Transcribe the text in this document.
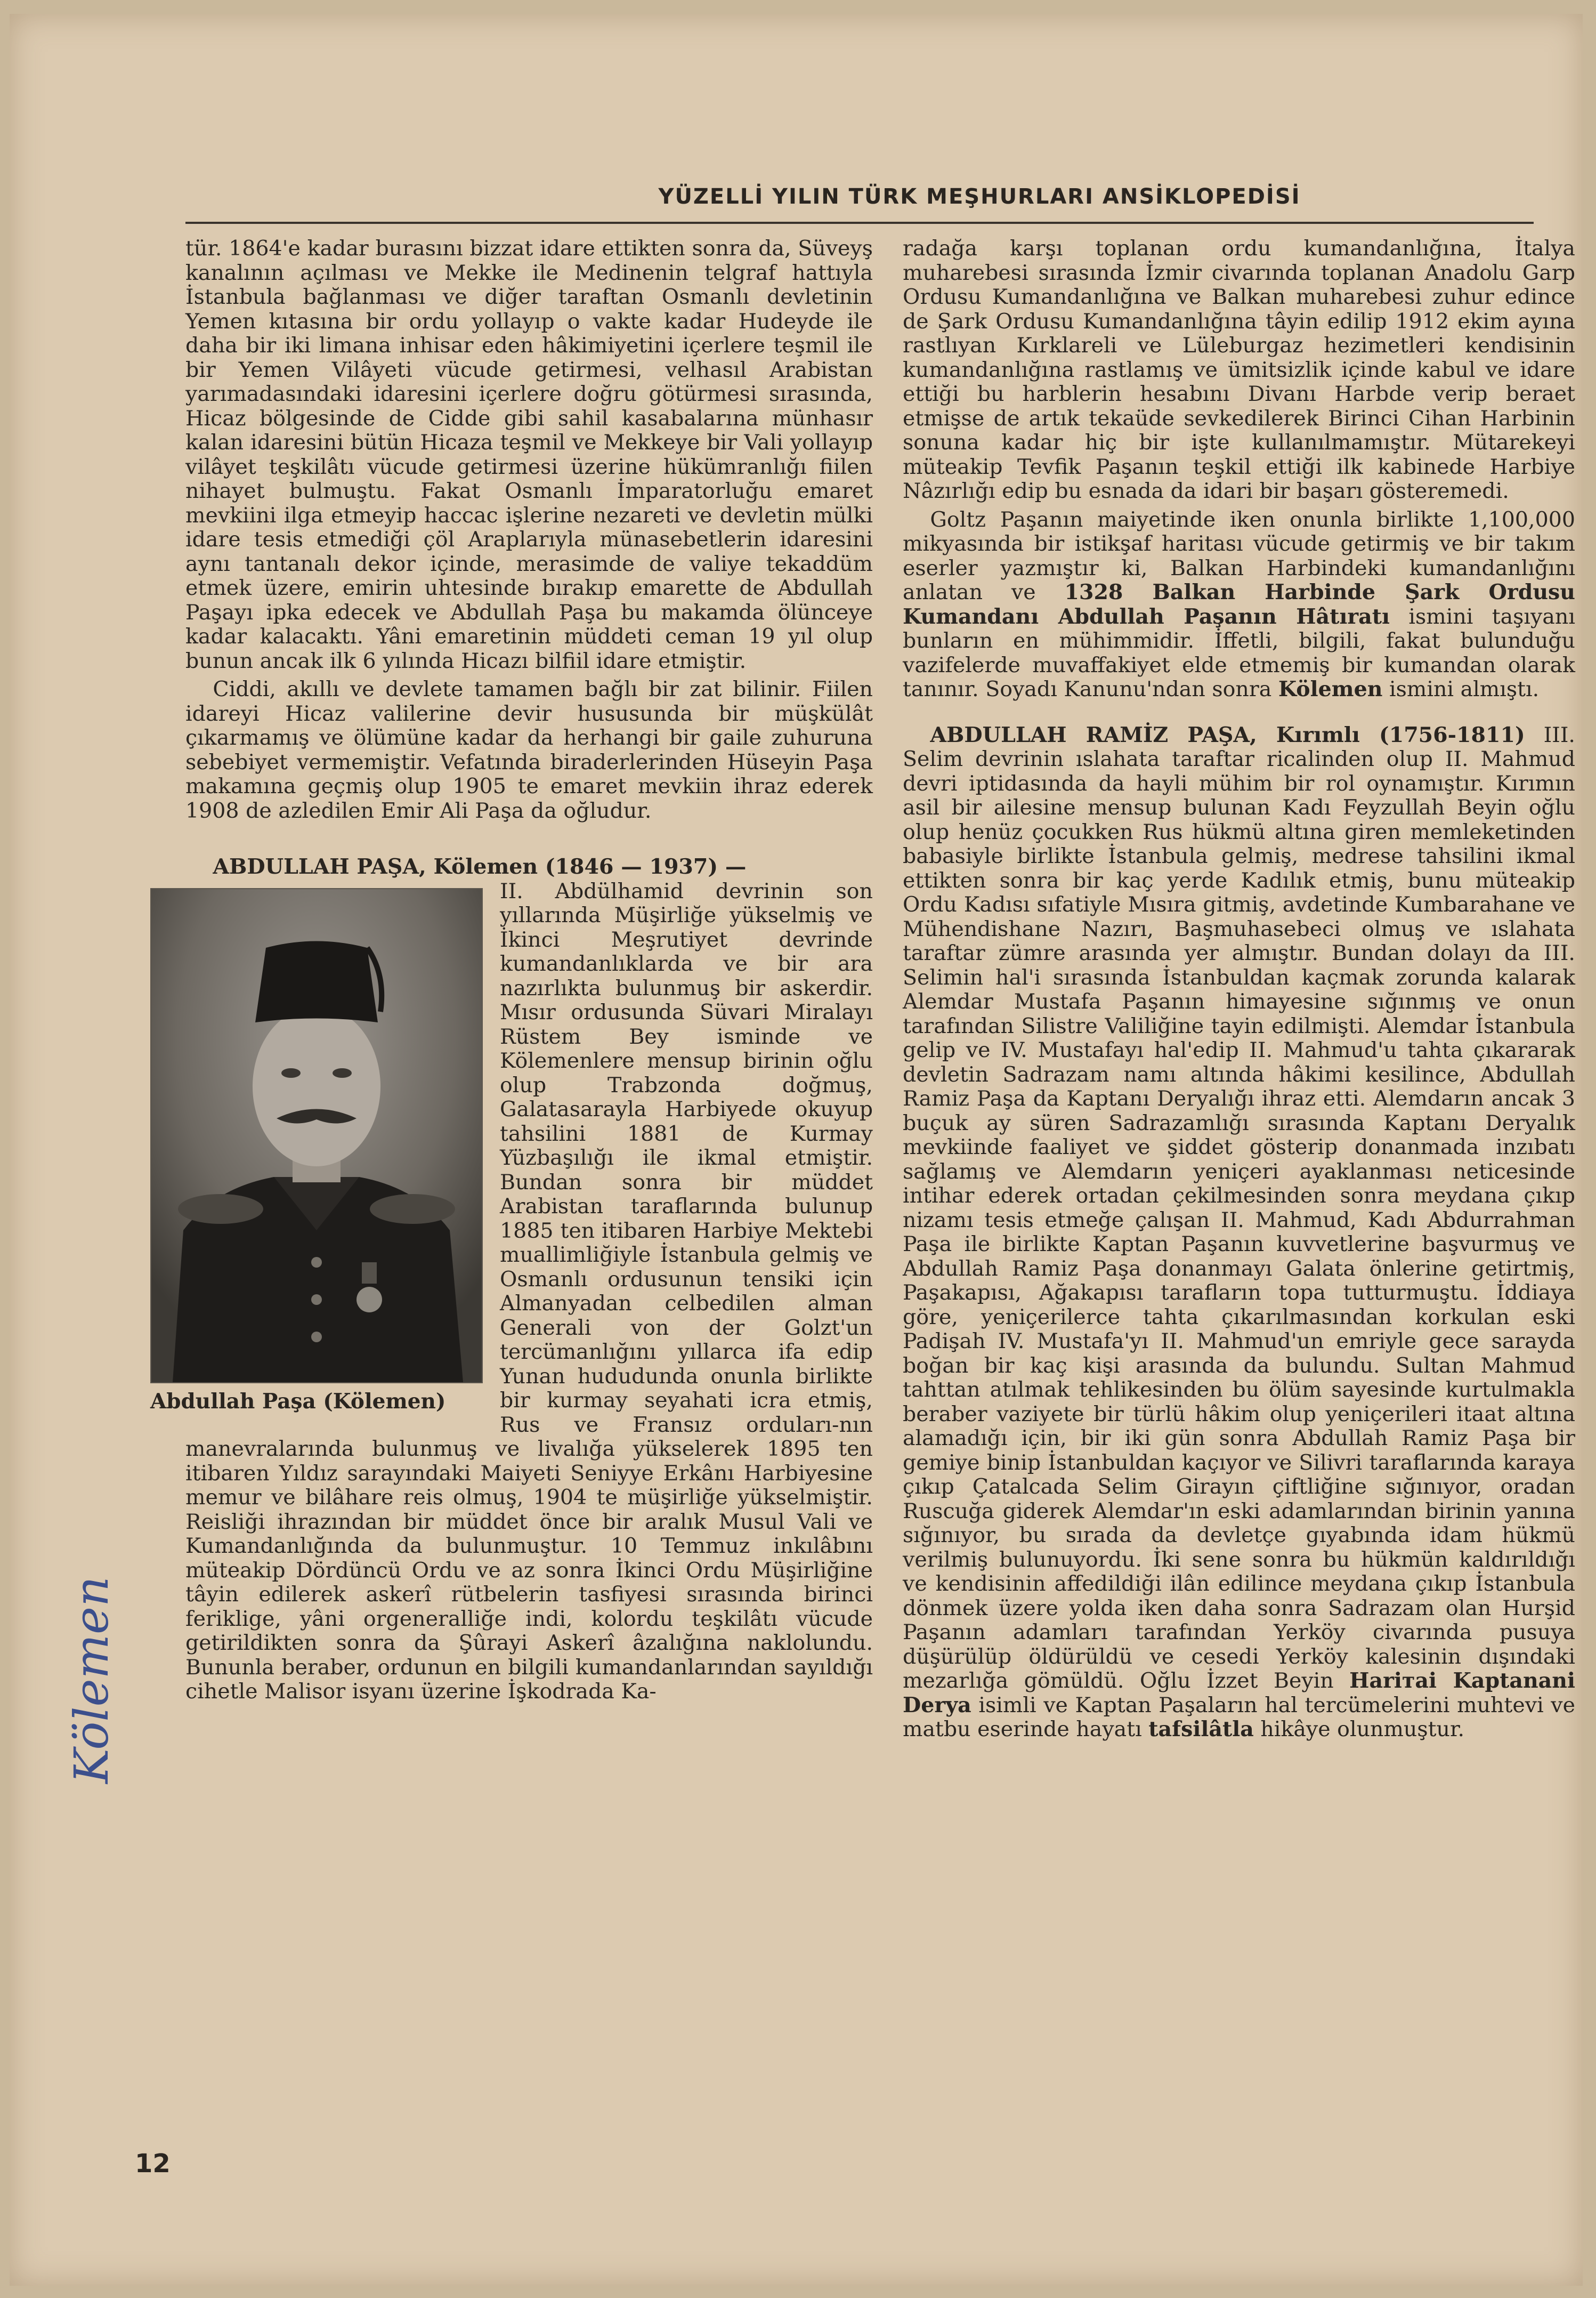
YÜZELLİ YILIN TÜRK MEŞHURLARI ANSİKLOPEDİSİ

tür. 1864'e kadar burasını bizzat idare ettikten sonra da, Süveyş kanalının açılması ve Mekke ile Medinenin telgraf hattıyla İstanbula bağlanması ve diğer taraftan Osmanlı devletinin Yemen kıtasına bir ordu yollayıp o vakte kadar Hudeyde ile daha bir iki limana inhisar eden hâkimiyetini içerlere teşmil ile bir Yemen Vilâyeti vücude getirmesi, velhasıl Arabistan yarımadasındaki idaresini içerlere doğru götürmesi sırasında, Hicaz bölgesinde de Cidde gibi sahil kasabalarına münhasır kalan idaresini bütün Hicaza teşmil ve Mekkeye bir Vali yollayıp vilâyet teşkilâtı vücude getirmesi üzerine hükümranlığı fiilen nihayet bulmuştu. Fakat Osmanlı İmparatorluğu emaret mevkiini ilga etmeyip haccac işlerine nezareti ve devletin mülki idare tesis etmediği çöl Araplarıyla münasebetlerin idaresini aynı tantanalı dekor içinde, merasimde de valiye tekaddüm etmek üzere, emirin uhtesinde bırakıp emarette de Abdullah Paşayı ipka edecek ve Abdullah Paşa bu makamda ölünceye kadar kalacaktı. Yâni emaretinin müddeti ceman 19 yıl olup bunun ancak ilk 6 yılında Hicazı bilfiil idare etmiştir.

Ciddi, akıllı ve devlete tamamen bağlı bir zat bilinir. Fiilen idareyi Hicaz valilerine devir hususunda bir müşkülât çıkarmamış ve ölümüne kadar da herhangi bir gaile zuhuruna sebebiyet vermemiştir. Vefatında biraderlerinden Hüseyin Paşa makamına geçmiş olup 1905 te emaret mevkiin ihraz ederek 1908 de azledilen Emir Ali Paşa da oğludur.

ABDULLAH PAŞA, Kölemen (1846 — 1937) —

Abdullah Paşa (Kölemen)
II. Abdülhamid devrinin son yıllarında Müşirliğe yükselmiş ve İkinci Meşrutiyet devrinde kumandanlıklarda ve bir ara nazırlıkta bulunmuş bir askerdir. Mısır ordusunda Süvari Miralayı Rüstem Bey isminde ve Kölemenlere mensup birinin oğlu olup Trabzonda doğmuş, Galatasarayla Harbiyede okuyup tahsilini 1881 de Kurmay Yüzbaşılığı ile ikmal etmiştir. Bundan sonra bir müddet Arabistan taraflarında bulunup 1885 ten itibaren Harbiye Mektebi muallimliğiyle İstanbula gelmiş ve Osmanlı ordusunun tensiki için Almanyadan celbedilen alman Generali von der Golzt'un tercümanlığını yıllarca ifa edip Yunan hududunda onunla birlikte bir kurmay seyahati icra etmiş, Rus ve Fransız orduları-nın manevralarında bulunmuş ve livalığa yükselerek 1895 ten itibaren Yıldız sarayındaki Maiyeti Seniyye Erkânı Harbiyesine memur ve bilâhare reis olmuş, 1904 te müşirliğe yükselmiştir. Reisliği ihrazından bir müddet önce bir aralık Musul Vali ve Kumandanlığında da bulunmuştur. 10 Temmuz inkılâbını müteakip Dördüncü Ordu ve az sonra İkinci Ordu Müşirliğine tâyin edilerek askerî rütbelerin tasfiyesi sırasında birinci feriklige, yâni orgeneralliğe indi, kolordu teşkilâtı vücude getirildikten sonra da Şûrayi Askerî âzalığına naklolundu. Bununla beraber, ordunun en bilgili kumandanlarından sayıldığı cihetle Malisor isyanı üzerine İşkodrada Ka-

radağa karşı toplanan ordu kumandanlığına, İtalya muharebesi sırasında İzmir civarında toplanan Anadolu Garp Ordusu Kumandanlığına ve Balkan muharebesi zuhur edince de Şark Ordusu Kumandanlığına tâyin edilip 1912 ekim ayına rastlıyan Kırklareli ve Lüleburgaz hezimetleri kendisinin kumandanlığına rastlamış ve ümitsizlik içinde kabul ve idare ettiği bu harblerin hesabını Divanı Harbde verip beraet etmişse de artık tekaüde sevkedilerek Birinci Cihan Harbinin sonuna kadar hiç bir işte kullanılmamıştır. Mütarekeyi müteakip Tevfik Paşanın teşkil ettiği ilk kabinede Harbiye Nâzırlığı edip bu esnada da idari bir başarı gösteremedi.

Goltz Paşanın maiyetinde iken onunla birlikte 1,100,000 mikyasında bir istikşaf haritası vücude getirmiş ve bir takım eserler yazmıştır ki, Balkan Harbindeki kumandanlığını anlatan ve 1328 Balkan Harbinde Şark Ordusu Kumandanı Abdullah Paşanın Hâtıratı ismini taşıyanı bunların en mühimmidir. İffetli, bilgili, fakat bulunduğu vazifelerde muvaffakiyet elde etmemiş bir kumandan olarak tanınır. Soyadı Kanunu'ndan sonra Kölemen ismini almıştı.

ABDULLAH RAMİZ PAŞA, Kırımlı (1756-1811) III. Selim devrinin ıslahata taraftar ricalinden olup II. Mahmud devri iptidasında da hayli mühim bir rol oynamıştır. Kırımın asil bir ailesine mensup bulunan Kadı Feyzullah Beyin oğlu olup henüz çocukken Rus hükmü altına giren memleketinden babasiyle birlikte İstanbula gelmiş, medrese tahsilini ikmal ettikten sonra bir kaç yerde Kadılık etmiş, bunu müteakip Ordu Kadısı sıfatiyle Mısıra gitmiş, avdetinde Kumbarahane ve Mühendishane Nazırı, Başmuhasebeci olmuş ve ıslahata taraftar zümre arasında yer almıştır. Bundan dolayı da III. Selimin hal'i sırasında İstanbuldan kaçmak zorunda kalarak Alemdar Mustafa Paşanın himayesine sığınmış ve onun tarafından Silistre Valiliğine tayin edilmişti. Alemdar İstanbula gelip ve IV. Mustafayı hal'edip II. Mahmud'u tahta çıkararak devletin Sadrazam namı altında hâkimi kesilince, Abdullah Ramiz Paşa da Kaptanı Deryalığı ihraz etti. Alemdarın ancak 3 buçuk ay süren Sadrazamlığı sırasında Kaptanı Deryalık mevkiinde faaliyet ve şiddet gösterip donanmada inzıbatı sağlamış ve Alemdarın yeniçeri ayaklanması neticesinde intihar ederek ortadan çekilmesinden sonra meydana çıkıp nizamı tesis etmeğe çalışan II. Mahmud, Kadı Abdurrahman Paşa ile birlikte Kaptan Paşanın kuvvetlerine başvurmuş ve Abdullah Ramiz Paşa donanmayı Galata önlerine getirtmiş, Paşakapısı, Ağakapısı tarafların topa tutturmuştu. İddiaya göre, yeniçerilerce tahta çıkarılmasından korkulan eski Padişah IV. Mustafa'yı II. Mahmud'un emriyle gece sarayda boğan bir kaç kişi arasında da bulundu. Sultan Mahmud tahttan atılmak tehlikesinden bu ölüm sayesinde kurtulmakla beraber vaziyete bir türlü hâkim olup yeniçerileri itaat altına alamadığı için, bir iki gün sonra Abdullah Ramiz Paşa bir gemiye binip İstanbuldan kaçıyor ve Silivri taraflarında karaya çıkıp Çatalcada Selim Girayın çiftliğine sığınıyor, oradan Ruscuğa giderek Alemdar'ın eski adamlarından birinin yanına sığınıyor, bu sırada da devletçe gıyabında idam hükmü verilmiş bulunuyordu. İki sene sonra bu hükmün kaldırıldığı ve kendisinin affedildiği ilân edilince meydana çıkıp İstanbula dönmek üzere yolda iken daha sonra Sadrazam olan Hurşid Paşanın adamları tarafından Yerköy civarında pusuya düşürülüp öldürüldü ve cesedi Yerköy kalesinin dışındaki mezarlığa gömüldü. Oğlu İzzet Beyin Hariтai Kaptanani Derya isimli ve Kaptan Paşaların hal tercümelerini muhtevi ve matbu eserinde hayatı tafsilâtla hikâye olunmuştur.

Kölemen
12
